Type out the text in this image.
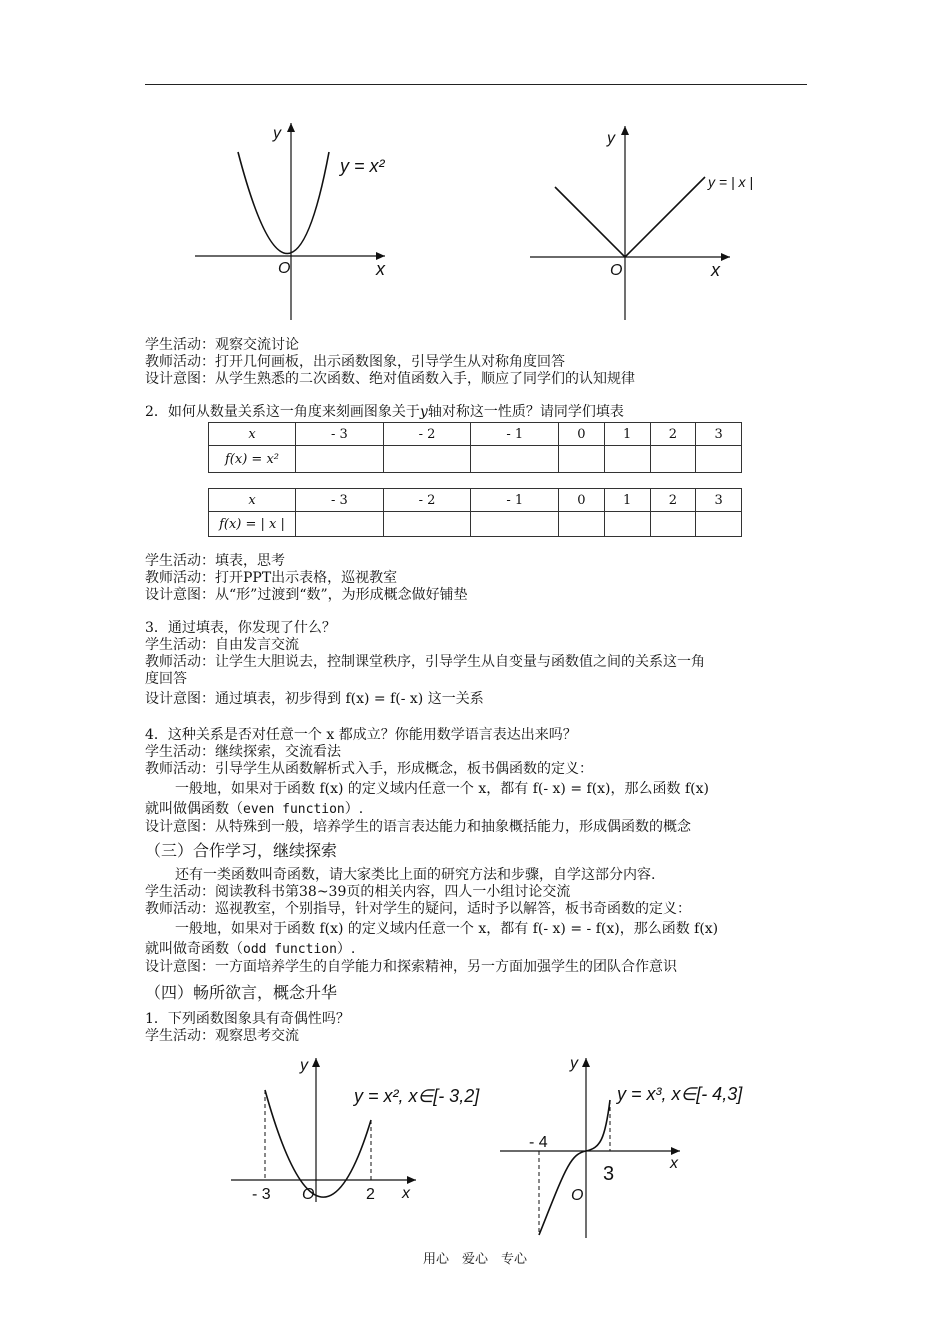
y
x
O
y = x²
y
x
O
y = | x |
学生活动：观察交流讨论
教师活动：打开几何画板，出示函数图象，引导学生从对称角度回答
设计意图：从学生熟悉的二次函数、绝对值函数入手，顺应了同学们的认知规律
2．如何从数量关系这一角度来刻画图象关于y轴对称这一性质？请同学们填表
x	- 3	- 2	- 1	0	1	2	3
f(x) = x²							
x	- 3	- 2	- 1	0	1	2	3
f(x) = | x |							
学生活动：填表，思考
教师活动：打开PPT出示表格，巡视教室
设计意图：从“形”过渡到“数”，为形成概念做好铺垫
3．通过填表，你发现了什么？
学生活动：自由发言交流
教师活动：让学生大胆说去，控制课堂秩序，引导学生从自变量与函数值之间的关系这一角
度回答
设计意图：通过填表，初步得到 f(x) = f(- x) 这一关系
4．这种关系是否对任意一个 x 都成立？你能用数学语言表达出来吗？
学生活动：继续探索，交流看法
教师活动：引导学生从函数解析式入手，形成概念，板书偶函数的定义：
一般地，如果对于函数 f(x) 的定义域内任意一个 x，都有 f(- x) = f(x)，那么函数 f(x)
就叫做偶函数（even function）.
设计意图：从特殊到一般，培养学生的语言表达能力和抽象概括能力，形成偶函数的概念
（三）合作学习，继续探索
还有一类函数叫奇函数，请大家类比上面的研究方法和步骤，自学这部分内容.
学生活动：阅读教科书第38~39页的相关内容，四人一小组讨论交流
教师活动：巡视教室，个别指导，针对学生的疑问，适时予以解答，板书奇函数的定义：
一般地，如果对于函数 f(x) 的定义域内任意一个 x，都有 f(- x) = - f(x)，那么函数 f(x)
就叫做奇函数（odd function）.
设计意图：一方面培养学生的自学能力和探索精神，另一方面加强学生的团队合作意识
（四）畅所欲言，概念升华
1．下列函数图象具有奇偶性吗？
学生活动：观察思考交流
y
x
O
- 3	2
y = x², x∈[- 3,2]
y
x
O
- 4
3
y = x³, x∈[- 4,3]
用心　爱心　专心
